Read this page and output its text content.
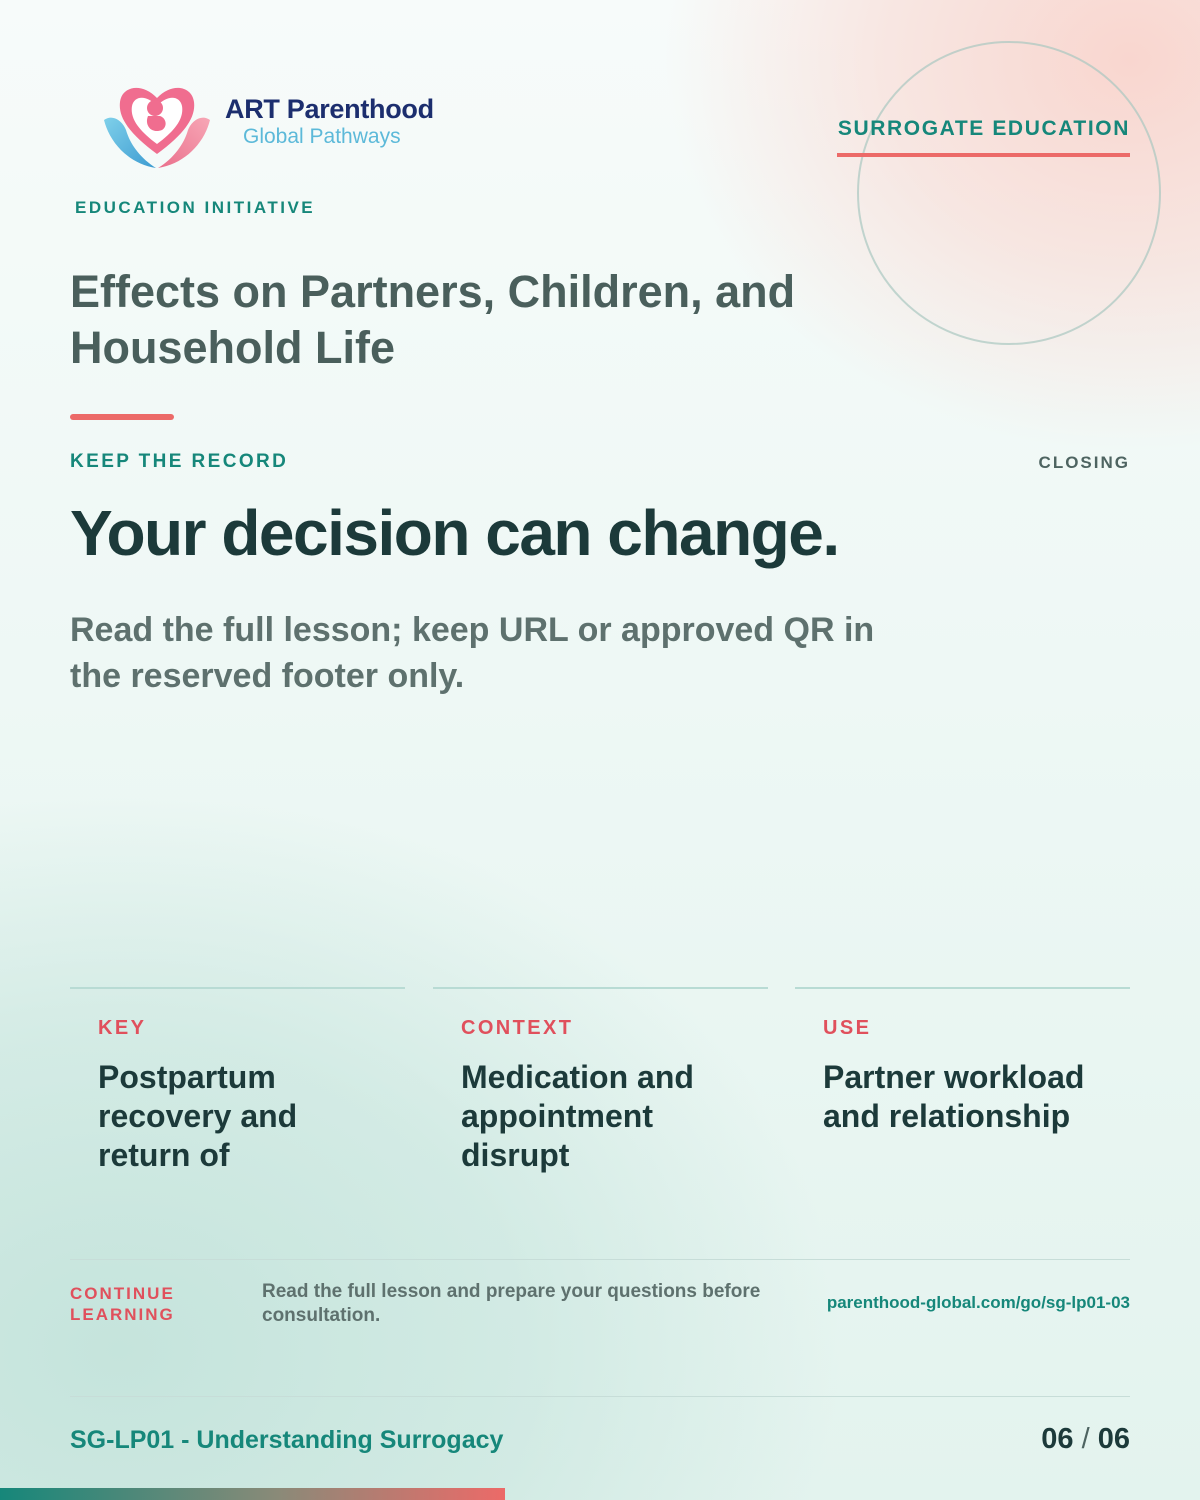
ART Parenthood
Global Pathways
EDUCATION INITIATIVE
SURROGATE EDUCATION
Effects on Partners, Children, and Household Life
KEEP THE RECORD	CLOSING
Your decision can change.
Read the full lesson; keep URL or approved QR in the reserved footer only.
KEY
Postpartum recovery and return of
CONTEXT
Medication and appointment disrupt
USE
Partner workload and relationship
CONTINUE LEARNING
Read the full lesson and prepare your questions before consultation.
parenthood-global.com/go/sg-lp01-03
SG-LP01 - Understanding Surrogacy	06 / 06
